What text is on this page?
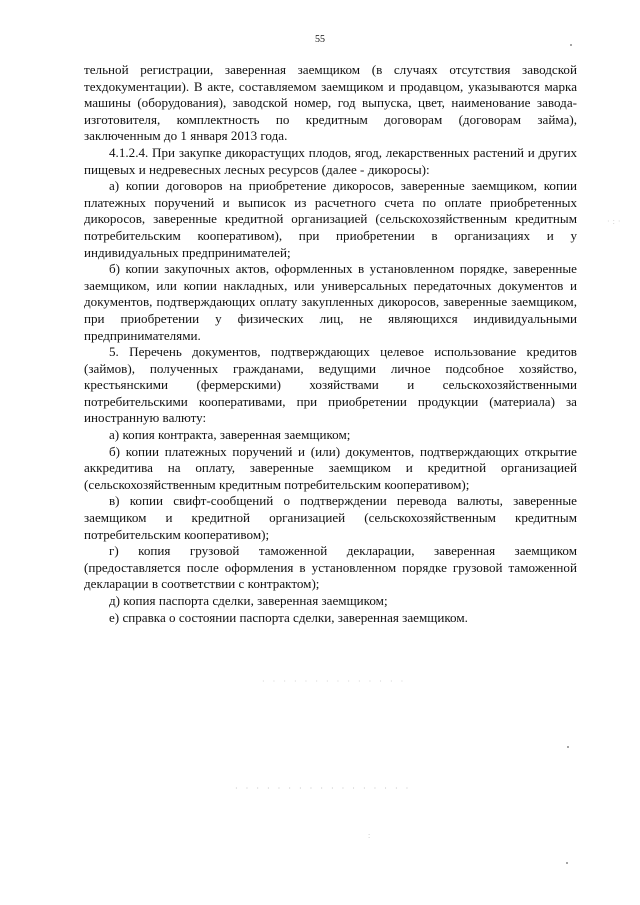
55

тельной регистрации, заверенная заемщиком (в случаях отсутствия заводской техдокументации). В акте, составляемом заемщиком и продавцом, указываются марка машины (оборудования), заводской номер, год выпуска, цвет, наименование завода-изготовителя, комплектность по кредитным договорам (договорам займа), заключенным до 1 января 2013 года.

4.1.2.4. При закупке дикорастущих плодов, ягод, лекарственных растений и других пищевых и недревесных лесных ресурсов (далее - дикоросы):

а) копии договоров на приобретение дикоросов, заверенные заемщиком, копии платежных поручений и выписок из расчетного счета по оплате приобретенных дикоросов, заверенные кредитной организацией (сельскохозяйственным кредитным потребительским кооперативом), при приобретении в организациях и у индивидуальных предпринимателей;

б) копии закупочных актов, оформленных в установленном порядке, заверенные заемщиком, или копии накладных, или универсальных передаточных документов и документов, подтверждающих оплату закупленных дикоросов, заверенные заемщиком, при приобретении у физических лиц, не являющихся индивидуальными предпринимателями.

5. Перечень документов, подтверждающих целевое использование кредитов (займов), полученных гражданами, ведущими личное подсобное хозяйство, крестьянскими (фермерскими) хозяйствами и сельскохозяйственными потребительскими кооперативами, при приобретении продукции (материала) за иностранную валюту:

а) копия контракта, заверенная заемщиком;

б) копии платежных поручений и (или) документов, подтверждающих открытие аккредитива на оплату, заверенные заемщиком и кредитной организацией (сельскохозяйственным кредитным потребительским кооперативом);

в) копии свифт-сообщений о подтверждении перевода валюты, заверенные заемщиком и кредитной организацией (сельскохозяйственным кредитным потребительским кооперативом);

г) копия грузовой таможенной декларации, заверенная заемщиком (предоставляется после оформления в установленном порядке грузовой таможенной декларации в соответствии с контрактом);

д) копия паспорта сделки, заверенная заемщиком;

е) справка о состоянии паспорта сделки, заверенная заемщиком.

· · · · · · · · · · · · · · · · ·
·:·
· · · · · · · · · · · · · ·
:
